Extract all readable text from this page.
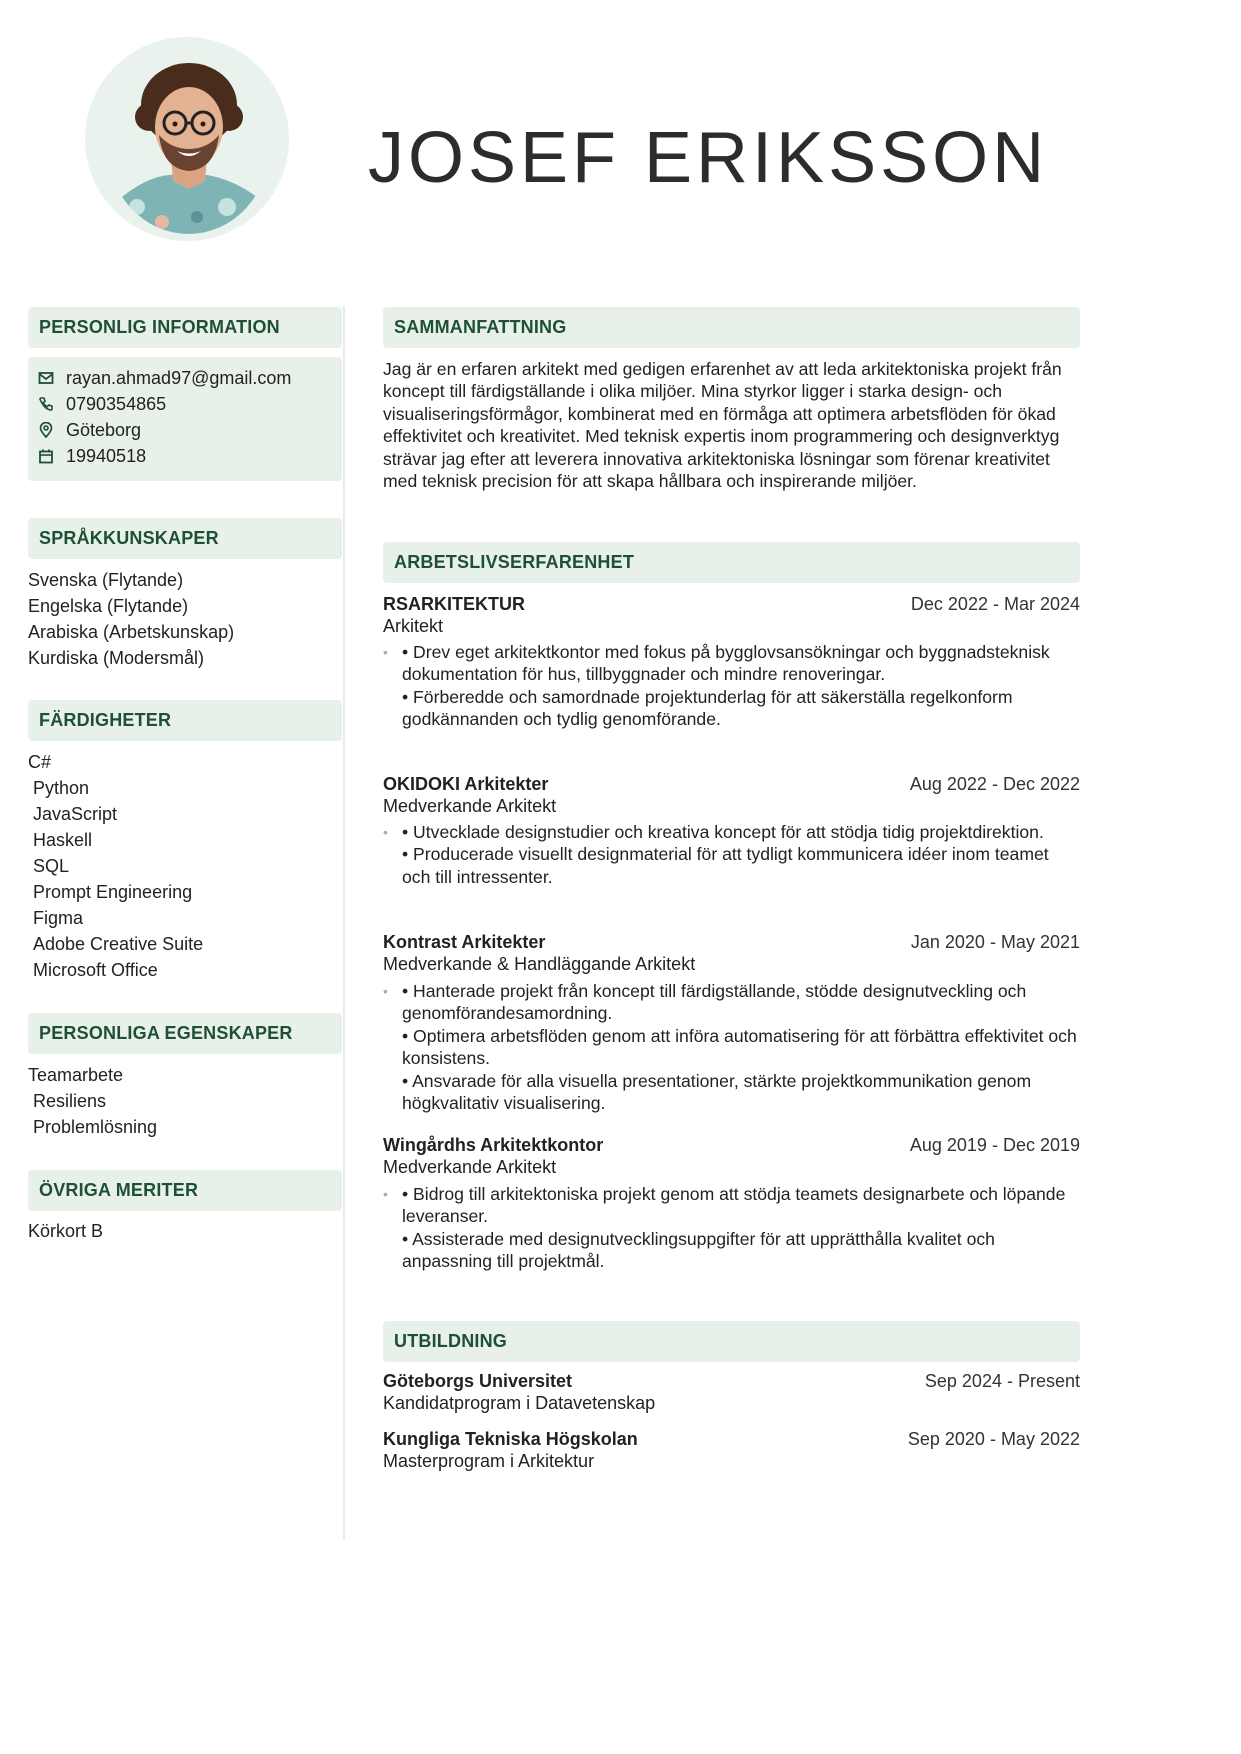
JOSEF ERIKSSON
PERSONLIG INFORMATION
rayan.ahmad97@gmail.com
0790354865
Göteborg
19940518
SPRÅKKUNSKAPER
Svenska (Flytande)
Engelska (Flytande)
Arabiska (Arbetskunskap)
Kurdiska (Modersmål)
FÄRDIGHETER
C#
Python
JavaScript
Haskell
SQL
Prompt Engineering
Figma
Adobe Creative Suite
Microsoft Office
PERSONLIGA EGENSKAPER
Teamarbete
Resiliens
Problemlösning
ÖVRIGA MERITER
Körkort B
SAMMANFATTNING
Jag är en erfaren arkitekt med gedigen erfarenhet av att leda arkitektoniska projekt från koncept till färdigställande i olika miljöer. Mina styrkor ligger i starka design- och visualiseringsförmågor, kombinerat med en förmåga att optimera arbetsflöden för ökad effektivitet och kreativitet. Med teknisk expertis inom programmering och designverktyg strävar jag efter att leverera innovativa arkitektoniska lösningar som förenar kreativitet med teknisk precision för att skapa hållbara och inspirerande miljöer.
ARBETSLIVSERFARENHET
RSARKITEKTUR	Dec 2022 - Mar 2024
Arkitekt
• • Drev eget arkitektkontor med fokus på bygglovsansökningar och byggnadsteknisk dokumentation för hus, tillbyggnader och mindre renoveringar.

• Förberedde och samordnade projektunderlag för att säkerställa regelkonform godkännanden och tydlig genomförande.

OKIDOKI Arkitekter	Aug 2022 - Dec 2022
Medverkande Arkitekt
• • Utvecklade designstudier och kreativa koncept för att stödja tidig projektdirektion.

• Producerade visuellt designmaterial för att tydligt kommunicera idéer inom teamet och till intressenter.

Kontrast Arkitekter	Jan 2020 - May 2021
Medverkande & Handläggande Arkitekt
• • Hanterade projekt från koncept till färdigställande, stödde designutveckling och genomförandesamordning.

• Optimera arbetsflöden genom att införa automatisering för att förbättra effektivitet och konsistens.

• Ansvarade för alla visuella presentationer, stärkte projektkommunikation genom högkvalitativ visualisering.

Wingårdhs Arkitektkontor	Aug 2019 - Dec 2019
Medverkande Arkitekt
• • Bidrog till arkitektoniska projekt genom att stödja teamets designarbete och löpande leveranser.

• Assisterade med designutvecklingsuppgifter för att upprätthålla kvalitet och anpassning till projektmål.

UTBILDNING
Göteborgs Universitet	Sep 2024 - Present
Kandidatprogram i Datavetenskap
Kungliga Tekniska Högskolan	Sep 2020 - May 2022
Masterprogram i Arkitektur
